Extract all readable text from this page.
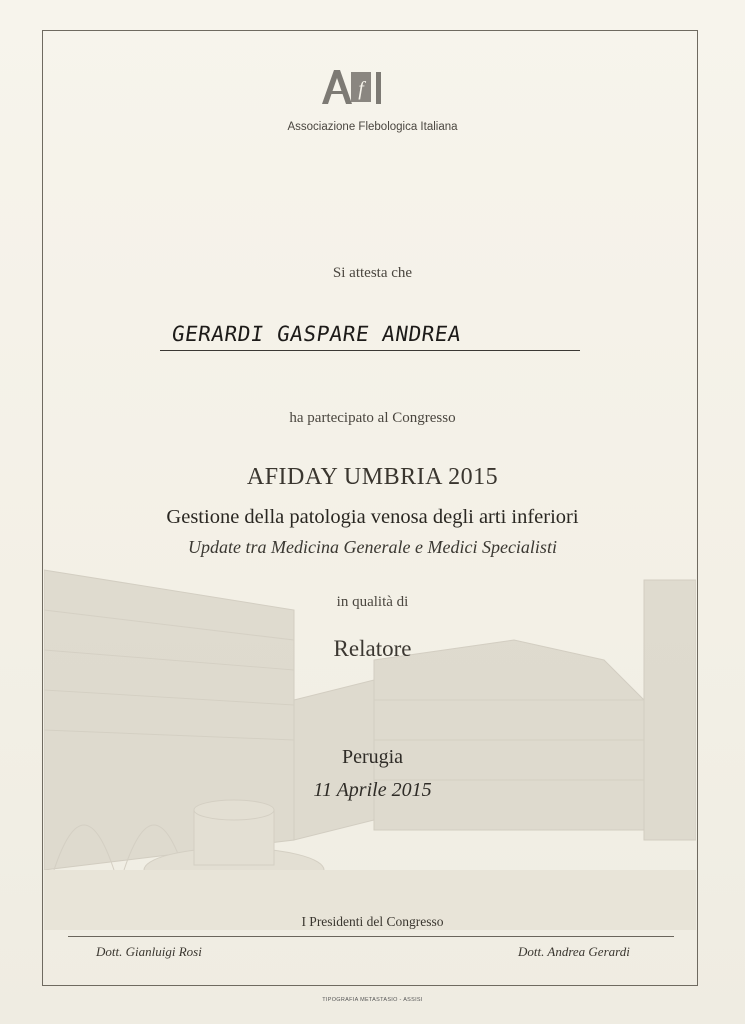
f
Associazione Flebologica Italiana
Si attesta che
GERARDI GASPARE ANDREA
ha partecipato al Congresso
AFIDAY UMBRIA 2015
Gestione della patologia venosa degli arti inferiori
Update tra Medicina Generale e Medici Specialisti
in qualità di
Relatore
Perugia
11 Aprile 2015
I Presidenti del Congresso
Dott. Gianluigi Rosi	Dott. Andrea Gerardi
TIPOGRAFIA METASTASIO - ASSISI
